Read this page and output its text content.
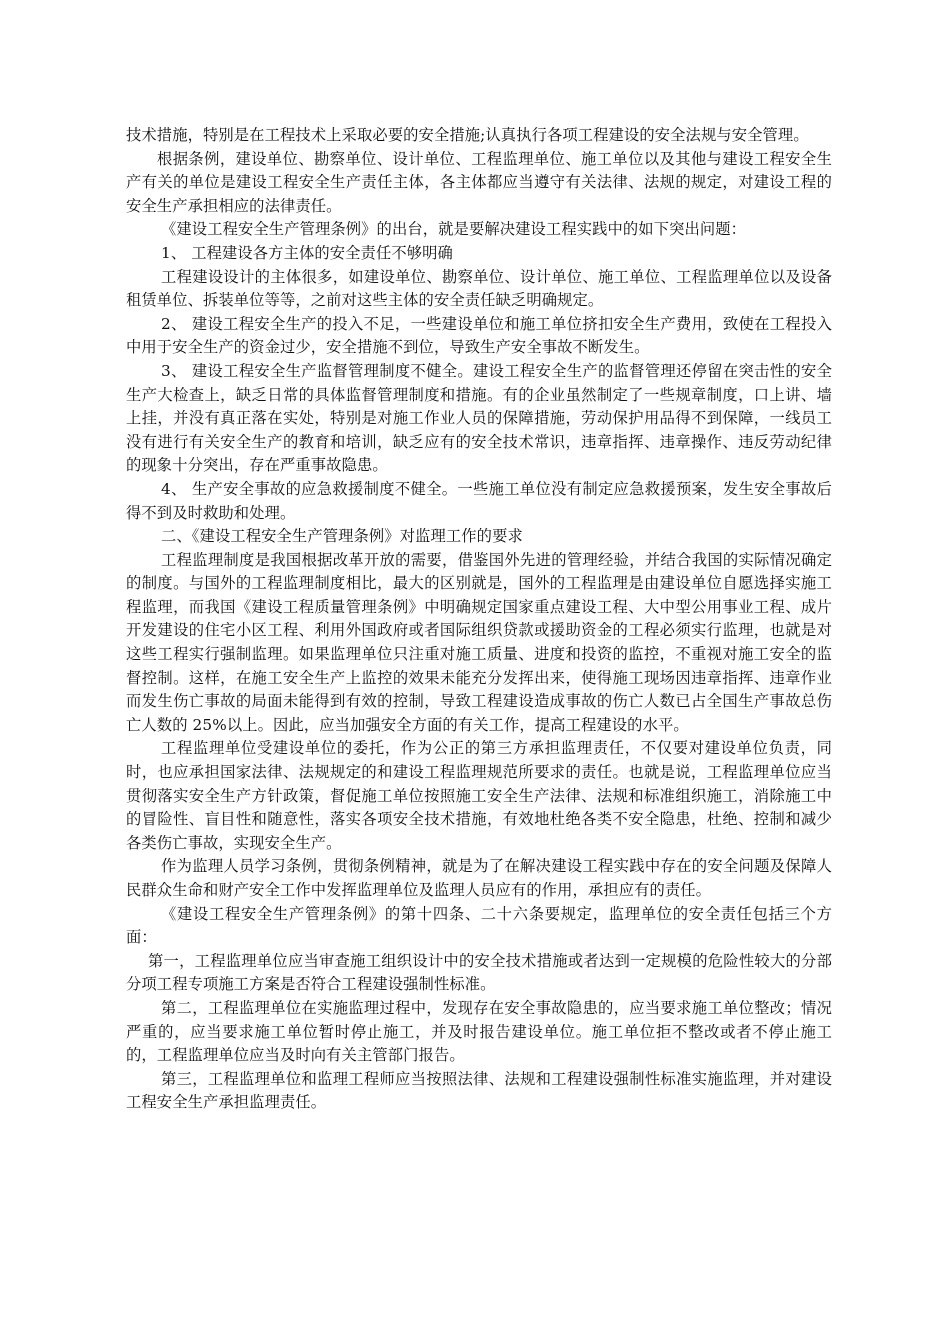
技术措施，特别是在工程技术上采取必要的安全措施;认真执行各项工程建设的安全法规与安全管理。

根据条例，建设单位、勘察单位、设计单位、工程监理单位、施工单位以及其他与建设工程安全生产有关的单位是建设工程安全生产责任主体，各主体都应当遵守有关法律、法规的规定，对建设工程的安全生产承担相应的法律责任。

《建设工程安全生产管理条例》的出台，就是要解决建设工程实践中的如下突出问题：

1、 工程建设各方主体的安全责任不够明确

工程建设设计的主体很多，如建设单位、勘察单位、设计单位、施工单位、工程监理单位以及设备租赁单位、拆装单位等等，之前对这些主体的安全责任缺乏明确规定。

2、 建设工程安全生产的投入不足，一些建设单位和施工单位挤扣安全生产费用，致使在工程投入中用于安全生产的资金过少，安全措施不到位，导致生产安全事故不断发生。

3、 建设工程安全生产监督管理制度不健全。建设工程安全生产的监督管理还停留在突击性的安全生产大检查上，缺乏日常的具体监督管理制度和措施。有的企业虽然制定了一些规章制度，口上讲、墙上挂，并没有真正落在实处，特别是对施工作业人员的保障措施，劳动保护用品得不到保障，一线员工没有进行有关安全生产的教育和培训，缺乏应有的安全技术常识，违章指挥、违章操作、违反劳动纪律的现象十分突出，存在严重事故隐患。

4、 生产安全事故的应急救援制度不健全。一些施工单位没有制定应急救援预案，发生安全事故后得不到及时救助和处理。

二、《建设工程安全生产管理条例》对监理工作的要求

工程监理制度是我国根据改革开放的需要，借鉴国外先进的管理经验，并结合我国的实际情况确定的制度。与国外的工程监理制度相比，最大的区别就是，国外的工程监理是由建设单位自愿选择实施工程监理，而我国《建设工程质量管理条例》中明确规定国家重点建设工程、大中型公用事业工程、成片开发建设的住宅小区工程、利用外国政府或者国际组织贷款或援助资金的工程必须实行监理，也就是对这些工程实行强制监理。如果监理单位只注重对施工质量、进度和投资的监控，不重视对施工安全的监督控制。这样，在施工安全生产上监控的效果未能充分发挥出来，使得施工现场因违章指挥、违章作业而发生伤亡事故的局面未能得到有效的控制，导致工程建设造成事故的伤亡人数已占全国生产事故总伤亡人数的 25%以上。因此，应当加强安全方面的有关工作，提高工程建设的水平。

工程监理单位受建设单位的委托，作为公正的第三方承担监理责任，不仅要对建设单位负责，同时，也应承担国家法律、法规规定的和建设工程监理规范所要求的责任。也就是说，工程监理单位应当贯彻落实安全生产方针政策，督促施工单位按照施工安全生产法律、法规和标准组织施工，消除施工中的冒险性、盲目性和随意性，落实各项安全技术措施，有效地杜绝各类不安全隐患，杜绝、控制和减少各类伤亡事故，实现安全生产。

作为监理人员学习条例，贯彻条例精神，就是为了在解决建设工程实践中存在的安全问题及保障人民群众生命和财产安全工作中发挥监理单位及监理人员应有的作用，承担应有的责任。

《建设工程安全生产管理条例》的第十四条、二十六条要规定，监理单位的安全责任包括三个方面：

第一，工程监理单位应当审查施工组织设计中的安全技术措施或者达到一定规模的危险性较大的分部分项工程专项施工方案是否符合工程建设强制性标准。

第二，工程监理单位在实施监理过程中，发现存在安全事故隐患的，应当要求施工单位整改；情况严重的，应当要求施工单位暂时停止施工，并及时报告建设单位。施工单位拒不整改或者不停止施工的，工程监理单位应当及时向有关主管部门报告。

第三，工程监理单位和监理工程师应当按照法律、法规和工程建设强制性标准实施监理，并对建设工程安全生产承担监理责任。
